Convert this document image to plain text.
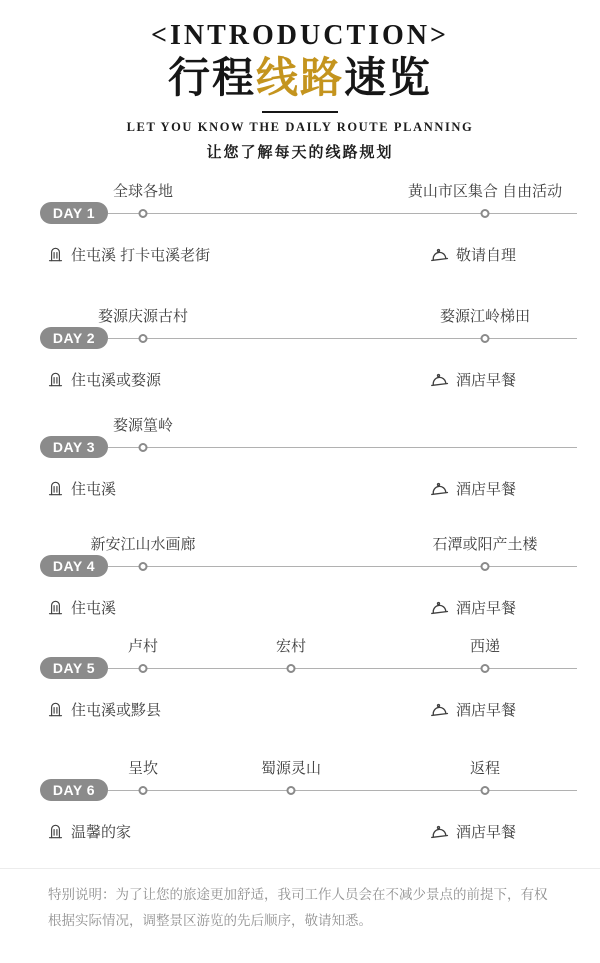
<INTRODUCTION>
行程线路速览
LET YOU KNOW THE DAILY ROUTE PLANNING
让您了解每天的线路规划
全球各地	黄山市区集合 自由活动
DAY 1
住屯溪 打卡屯溪老街	敬请自理
婺源庆源古村	婺源江岭梯田
DAY 2
住屯溪或婺源	酒店早餐
婺源篁岭
DAY 3
住屯溪	酒店早餐
新安江山水画廊	石潭或阳产土楼
DAY 4
住屯溪	酒店早餐
卢村	宏村	西递
DAY 5
住屯溪或黟县	酒店早餐
呈坎	蜀源灵山	返程
DAY 6
温馨的家	酒店早餐

特别说明：为了让您的旅途更加舒适，我司工作人员会在不减少景点的前提下，有权根据实际情况，调整景区游览的先后顺序，敬请知悉。
